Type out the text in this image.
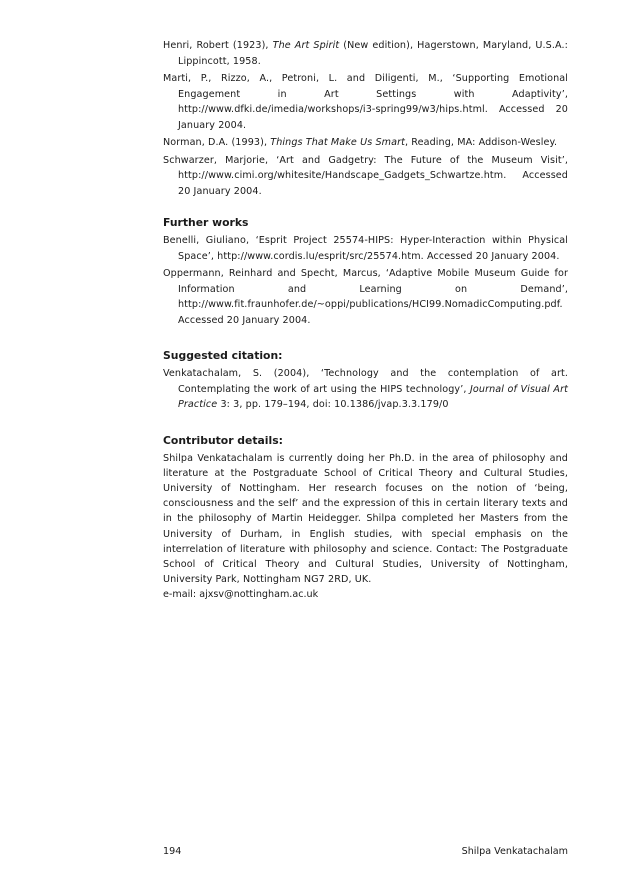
Henri, Robert (1923), The Art Spirit (New edition), Hagerstown, Maryland, U.S.A.: Lippincott, 1958.

Marti, P., Rizzo, A., Petroni, L. and Diligenti, M., ‘Supporting Emotional Engagement in Art Settings with Adaptivity’, http://www.dfki.de/imedia/workshops/i3-spring99/w3/hips.html. Accessed 20 January 2004.

Norman, D.A. (1993), Things That Make Us Smart, Reading, MA: Addison-Wesley.

Schwarzer, Marjorie, ‘Art and Gadgetry: The Future of the Museum Visit’, http://www.cimi.org/whitesite/Handscape_Gadgets_Schwartze.htm. Accessed 20 January 2004.

Further works

Benelli, Giuliano, ‘Esprit Project 25574-HIPS: Hyper-Interaction within Physical Space’, http://www.cordis.lu/esprit/src/25574.htm. Accessed 20 January 2004.

Oppermann, Reinhard and Specht, Marcus, ‘Adaptive Mobile Museum Guide for Information and Learning on Demand’, http://www.fit.fraunhofer.de/~oppi/publications/HCI99.NomadicComputing.pdf. Accessed 20 January 2004.

Suggested citation:

Venkatachalam, S. (2004), ‘Technology and the contemplation of art. Contemplating the work of art using the HIPS technology’, Journal of Visual Art Practice 3: 3, pp. 179–194, doi: 10.1386/jvap.3.3.179/0

Contributor details:

Shilpa Venkatachalam is currently doing her Ph.D. in the area of philosophy and literature at the Postgraduate School of Critical Theory and Cultural Studies, University of Nottingham. Her research focuses on the notion of ‘being, consciousness and the self’ and the expression of this in certain literary texts and in the philosophy of Martin Heidegger. Shilpa completed her Masters from the University of Durham, in English studies, with special emphasis on the interrelation of literature with philosophy and science. Contact: The Postgraduate School of Critical Theory and Cultural Studies, University of Nottingham, University Park, Nottingham NG7 2RD, UK.

e-mail: ajxsv@nottingham.ac.uk

194	Shilpa Venkatachalam
